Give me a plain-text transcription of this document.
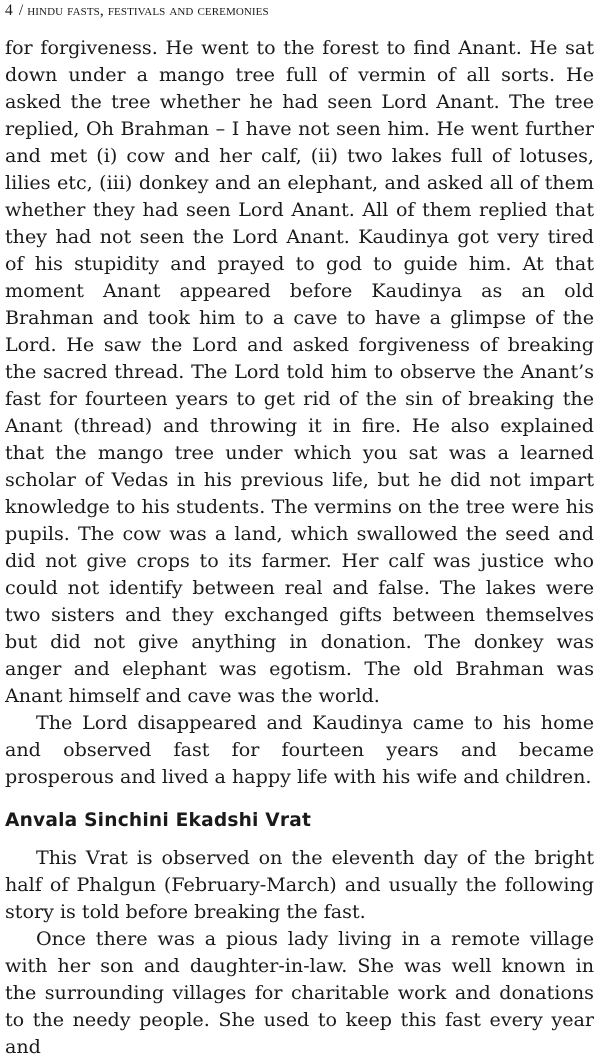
4 / hindu fasts, festivals and ceremonies

for forgiveness. He went to the forest to find Anant. He sat down under a mango tree full of vermin of all sorts. He asked the tree whether he had seen Lord Anant. The tree replied, Oh Brahman – I have not seen him. He went further and met (i) cow and her calf, (ii) two lakes full of lotuses, lilies etc, (iii) donkey and an elephant, and asked all of them whether they had seen Lord Anant. All of them replied that they had not seen the Lord Anant. Kaudinya got very tired of his stupidity and prayed to god to guide him. At that moment Anant appeared before Kaudinya as an old Brahman and took him to a cave to have a glimpse of the Lord. He saw the Lord and asked forgiveness of breaking the sacred thread. The Lord told him to observe the Anant’s fast for fourteen years to get rid of the sin of breaking the Anant (thread) and throwing it in fire. He also explained that the mango tree under which you sat was a learned scholar of Vedas in his previous life, but he did not impart knowledge to his students. The vermins on the tree were his pupils. The cow was a land, which swallowed the seed and did not give crops to its farmer. Her calf was justice who could not identify between real and false. The lakes were two sisters and they exchanged gifts between themselves but did not give anything in donation. The donkey was anger and elephant was egotism. The old Brahman was Anant himself and cave was the world.

The Lord disappeared and Kaudinya came to his home and observed fast for fourteen years and became prosperous and lived a happy life with his wife and children.

Anvala Sinchini Ekadshi Vrat

This Vrat is observed on the eleventh day of the bright half of Phalgun (February-March) and usually the following story is told before breaking the fast.

Once there was a pious lady living in a remote village with her son and daughter-in-law. She was well known in the surrounding villages for charitable work and donations to the needy people. She used to keep this fast every year and
